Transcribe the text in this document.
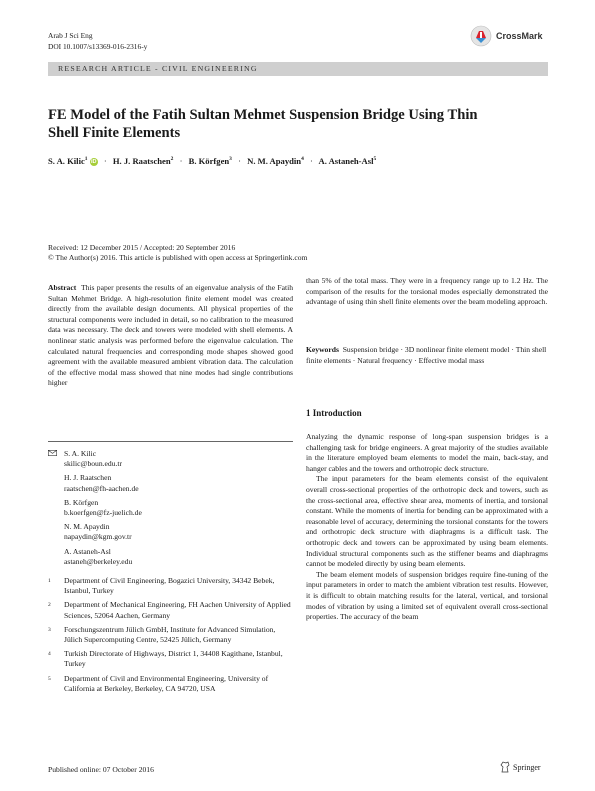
Arab J Sci Eng
DOI 10.1007/s13369-016-2316-y
CrossMark
RESEARCH ARTICLE - CIVIL ENGINEERING
FE Model of the Fatih Sultan Mehmet Suspension Bridge Using Thin Shell Finite Elements
S. A. Kilic$^1$ iD · H. J. Raatschen$^2$ · B. Körfgen$^3$ · N. M. Apaydin$^4$ · A. Astaneh-Asl$^5$
Received: 12 December 2015 / Accepted: 20 September 2016
© The Author(s) 2016. This article is published with open access at Springerlink.com

Abstract This paper presents the results of an eigenvalue analysis of the Fatih Sultan Mehmet Bridge. A high-resolution finite element model was created directly from the available design documents. All physical properties of the structural components were included in detail, so no calibration to the measured data was necessary. The deck and towers were modeled with shell elements. A nonlinear static analysis was performed before the eigenvalue calculation. The calculated natural frequencies and corresponding mode shapes showed good agreement with the available measured ambient vibration data. The calculation of the effective modal mass showed that nine modes had single contributions higher

S. A. Kilic
skilic@boun.edu.tr
H. J. Raatschen
raatschen@fh-aachen.de
B. Körfgen
b.koerfgen@fz-juelich.de
N. M. Apaydin
napaydin@kgm.gov.tr
A. Astaneh-Asl
astaneh@berkeley.edu
1 Department of Civil Engineering, Bogazici University, 34342 Bebek, Istanbul, Turkey
2 Department of Mechanical Engineering, FH Aachen University of Applied Sciences, 52064 Aachen, Germany
3 Forschungszentrum Jülich GmbH, Institute for Advanced Simulation, Jülich Supercomputing Centre, 52425 Jülich, Germany
4 Turkish Directorate of Highways, District 1, 34408 Kagithane, Istanbul, Turkey
5 Department of Civil and Environmental Engineering, University of California at Berkeley, Berkeley, CA 94720, USA

than 5% of the total mass. They were in a frequency range up to 1.2 Hz. The comparison of the results for the torsional modes especially demonstrated the advantage of using thin shell finite elements over the beam modeling approach.

Keywords Suspension bridge · 3D nonlinear finite element model · Thin shell finite elements · Natural frequency · Effective modal mass

1 Introduction

Analyzing the dynamic response of long-span suspension bridges is a challenging task for bridge engineers. A great majority of the studies available in the literature employed beam elements to model the main, back-stay, and hanger cables and the towers and orthotropic deck structure.

The input parameters for the beam elements consist of the equivalent overall cross-sectional properties of the orthotropic deck and towers, such as the cross-sectional area, effective shear area, moments of inertia, and torsional constant. While the moments of inertia for bending can be approximated with a reasonable level of accuracy, determining the torsional constants for the towers and orthotropic deck structure with diaphragms is a difficult task. The orthotropic deck and towers can be approximated by using beam elements. Individual structural components such as the stiffener beams and diaphragms cannot be modeled directly by using beam elements.

The beam element models of suspension bridges require fine-tuning of the input parameters in order to match the ambient vibration test results. However, it is difficult to obtain matching results for the lateral, vertical, and torsional modes of vibration by using a limited set of equivalent overall cross-sectional properties. The accuracy of the beam

Published online: 07 October 2016	Springer
